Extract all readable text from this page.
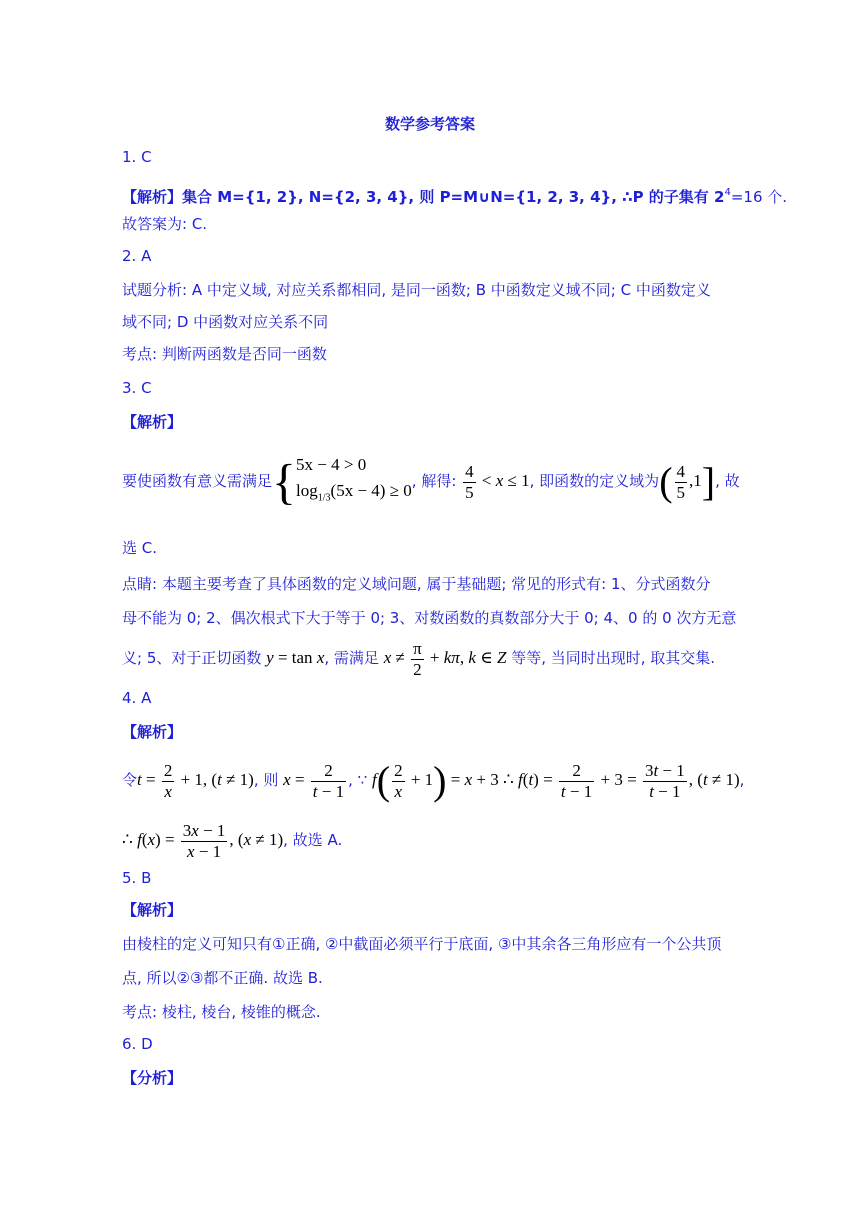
数学参考答案
1. C
【解析】集合 M={1, 2}, N={2, 3, 4}, 则 P=M∪N={1, 2, 3, 4}, ∴P 的子集有 $2^4=16$ 个.
故答案为: C.
2. A
试题分析: A 中定义域, 对应关系都相同, 是同一函数; B 中函数定义域不同; C 中函数定义
域不同; D 中函数对应关系不同
考点: 判断两函数是否同一函数
3. C
【解析】
要使函数有意义需满足{ 5x − 4 > 0
$\log_{1/3}(5x - 4) \ge 0$ , 解得: $\frac{4}{5} < x \le 1$, 即函数的定义域为( $\frac{4}{5} ,1$], 故
选 C.
点睛: 本题主要考查了具体函数的定义域问题, 属于基础题; 常见的形式有: 1、分式函数分
母不能为 0; 2、偶次根式下大于等于 0; 3、对数函数的真数部分大于 0; 4、0 的 0 次方无意
义; 5、对于正切函数 y = tan x, 需满足 $x \ne \frac{\pi}{2} + k\pi$, k ∈ Z 等等, 当同时出现时, 取其交集.
4. A
【解析】
令$t = \frac{2}{x} + 1$, (t ≠ 1), 则 $x = \frac{2}{t - 1}$ , ∵ $f( \frac{2}{x} + 1) = x + 3$ ∴ $f(t) = \frac{2}{t - 1} + 3 = \frac{3t - 1}{t - 1}$ , (t ≠ 1),
∴ $f(x) = \frac{3x - 1}{x - 1}$ , (x ≠ 1), 故选 A.
5. B
【解析】
由棱柱的定义可知只有①正确, ②中截面必须平行于底面, ③中其余各三角形应有一个公共顶
点, 所以②③都不正确. 故选 B.
考点: 棱柱, 棱台, 棱锥的概念.
6. D
【分析】
